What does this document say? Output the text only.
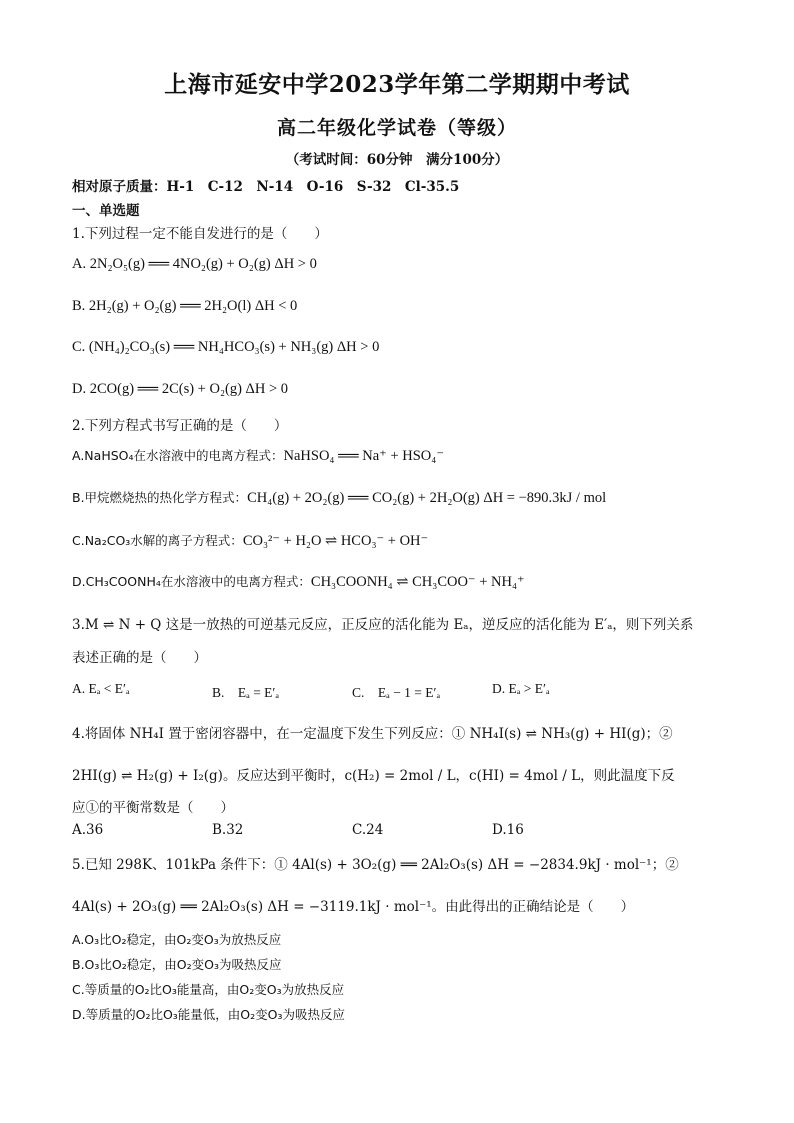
上海市延安中学2023学年第二学期期中考试
高二年级化学试卷（等级）
（考试时间：60分钟　满分100分）
相对原子质量：H-1　C-12　N-14　O-16　S-32　Cl-35.5
一、单选题
1.下列过程一定不能自发进行的是（　　）
A. 2N₂O₅(g) ══ 4NO₂(g) + O₂(g) ΔH > 0
B. 2H₂(g) + O₂(g) ══ 2H₂O(l) ΔH < 0
C. (NH₄)₂CO₃(s) ══ NH₄HCO₃(s) + NH₃(g) ΔH > 0
D. 2CO(g) ══ 2C(s) + O₂(g) ΔH > 0
2.下列方程式书写正确的是（　　）
A.NaHSO₄在水溶液中的电离方程式：NaHSO₄ ══ Na⁺ + HSO₄⁻
B.甲烷燃烧热的热化学方程式：CH₄(g) + 2O₂(g) ══ CO₂(g) + 2H₂O(g) ΔH = −890.3kJ / mol
C.Na₂CO₃水解的离子方程式：CO₃²⁻ + H₂O ⇌ HCO₃⁻ + OH⁻
D.CH₃COONH₄在水溶液中的电离方程式：CH₃COONH₄ ⇌ CH₃COO⁻ + NH₄⁺
3.M ⇌ N + Q 这是一放热的可逆基元反应，正反应的活化能为 Eₐ，逆反应的活化能为 E′ₐ，则下列关系
表述正确的是（　　）
A. Eₐ < E′ₐ	B.　Eₐ = E′ₐ	C.　Eₐ − 1 = E′ₐ	D. Eₐ > E′ₐ
4.将固体 NH₄I 置于密闭容器中，在一定温度下发生下列反应：① NH₄I(s) ⇌ NH₃(g) + HI(g)；②
2HI(g) ⇌ H₂(g) + I₂(g)。反应达到平衡时，c(H₂) = 2mol / L，c(HI) = 4mol / L，则此温度下反
应①的平衡常数是（　　）
A.36	B.32	C.24	D.16
5.已知 298K、101kPa 条件下：① 4Al(s) + 3O₂(g) ══ 2Al₂O₃(s) ΔH = −2834.9kJ · mol⁻¹；②
4Al(s) + 2O₃(g) ══ 2Al₂O₃(s) ΔH = −3119.1kJ · mol⁻¹。由此得出的正确结论是（　　）
A.O₃比O₂稳定，由O₂变O₃为放热反应
B.O₃比O₂稳定，由O₂变O₃为吸热反应
C.等质量的O₂比O₃能量高，由O₂变O₃为放热反应
D.等质量的O₂比O₃能量低，由O₂变O₃为吸热反应
